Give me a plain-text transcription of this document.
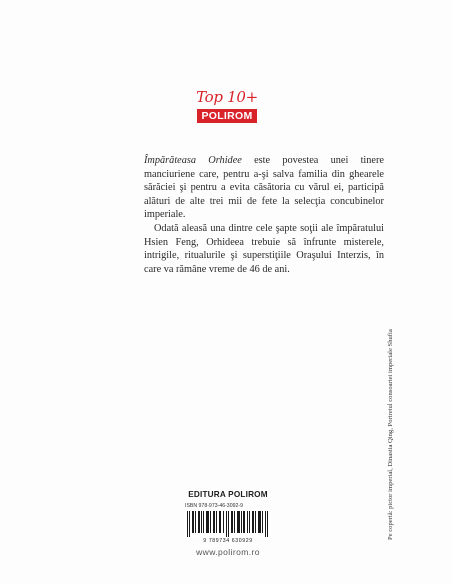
Top 10+
POLIROM

Împărăteasa Orhidee este povestea unei tinere manciuriene care, pentru a-şi salva familia din ghearele sărăciei şi pentru a evita căsătoria cu vărul ei, participă alături de alte trei mii de fete la selecţia concubinelor imperiale.

Odată aleasă una dintre cele şapte soţii ale împăratului Hsien Feng, Orhideea trebuie să înfrunte misterele, intrigile, ritualurile şi superstiţiile Oraşului Interzis, în care va rămâne vreme de 46 de ani.

Pe copertă: pictor imperial, Dinastia Qing, Portretul consoartei imperiale Shufia
EDITURA POLIROM
ISBN 978-973-46-3092-9
9 789734 630929
www.polirom.ro
